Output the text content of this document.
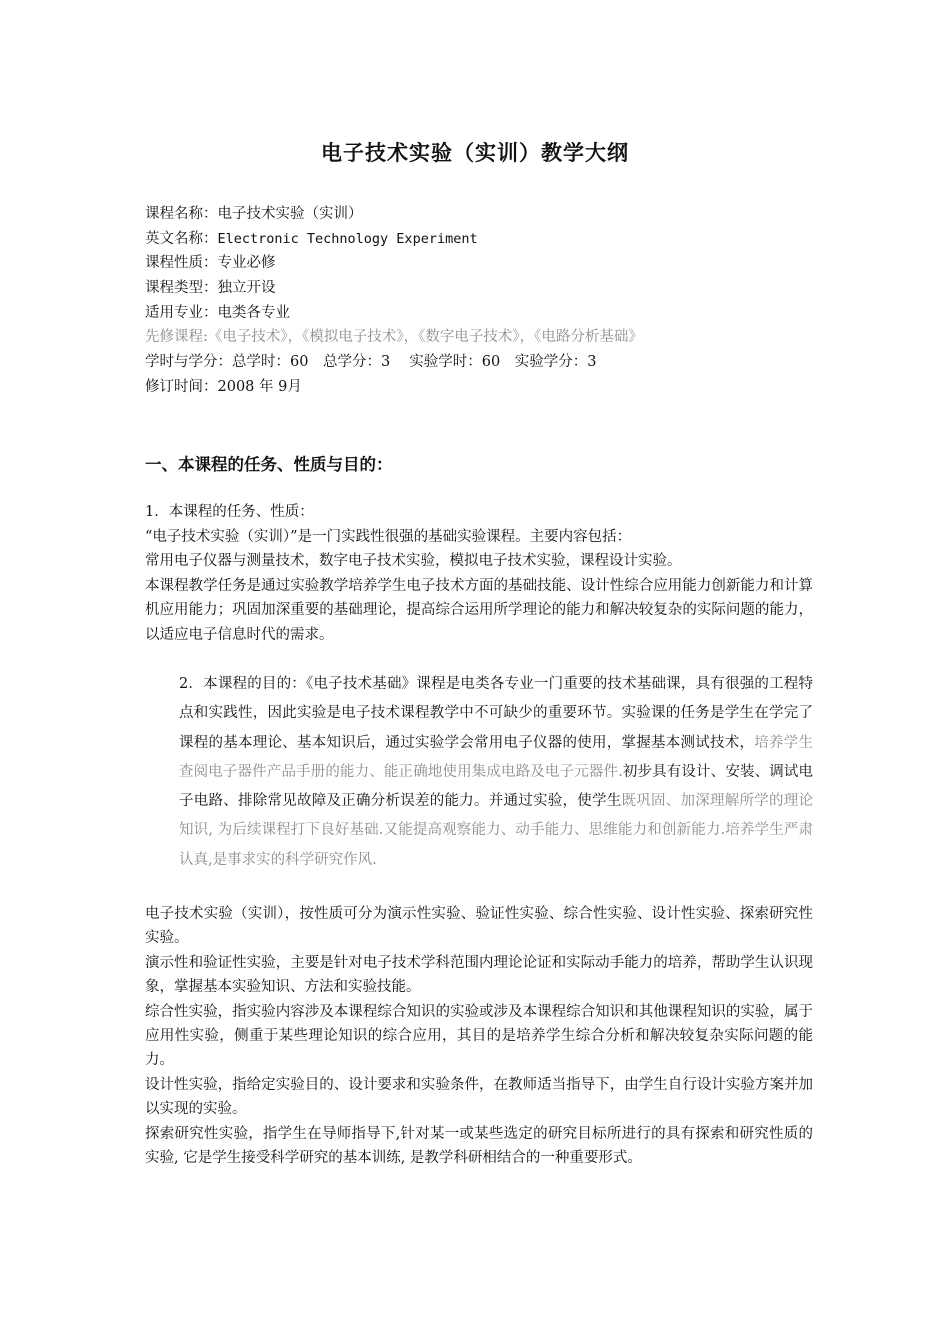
电子技术实验（实训）教学大纲
课程名称：电子技术实验（实训）
英文名称：Electronic Technology Experiment
课程性质：专业必修
课程类型：独立开设
适用专业：电类各专业
先修课程:《电子技术》，《模拟电子技术》，《数字电子技术》，《电路分析基础》
学时与学分：总学时：60　总学分：3　 实验学时：60　实验学分：3
修订时间：2008 年 9月
一、本课程的任务、性质与目的：

1．本课程的任务、性质：

“电子技术实验（实训）”是一门实践性很强的基础实验课程。主要内容包括：

常用电子仪器与测量技术，数字电子技术实验，模拟电子技术实验，课程设计实验。

本课程教学任务是通过实验教学培养学生电子技术方面的基础技能、设计性综合应用能力创新能力和计算机应用能力；巩固加深重要的基础理论，提高综合运用所学理论的能力和解决较复杂的实际问题的能力，以适应电子信息时代的需求。

2．本课程的目的：《电子技术基础》课程是电类各专业一门重要的技术基础课，具有很强的工程特点和实践性，因此实验是电子技术课程教学中不可缺少的重要环节。实验课的任务是学生在学完了课程的基本理论、基本知识后，通过实验学会常用电子仪器的使用，掌握基本测试技术，培养学生查阅电子器件产品手册的能力、能正确地使用集成电路及电子元器件.初步具有设计、安装、调试电子电路、排除常见故障及正确分析误差的能力。并通过实验，使学生既巩固、加深理解所学的理论知识, 为后续课程打下良好基础.又能提高观察能力、动手能力、思维能力和创新能力.培养学生严肃认真,是事求实的科学研究作风.

电子技术实验（实训），按性质可分为演示性实验、验证性实验、综合性实验、设计性实验、探索研究性实验。

演示性和验证性实验，主要是针对电子技术学科范围内理论论证和实际动手能力的培养，帮助学生认识现象，掌握基本实验知识、方法和实验技能。

综合性实验，指实验内容涉及本课程综合知识的实验或涉及本课程综合知识和其他课程知识的实验，属于应用性实验，侧重于某些理论知识的综合应用，其目的是培养学生综合分析和解决较复杂实际问题的能力。

设计性实验，指给定实验目的、设计要求和实验条件，在教师适当指导下，由学生自行设计实验方案并加以实现的实验。

探索研究性实验，指学生在导师指导下,针对某一或某些选定的研究目标所进行的具有探索和研究性质的实验, 它是学生接受科学研究的基本训练, 是教学科研相结合的一种重要形式。
